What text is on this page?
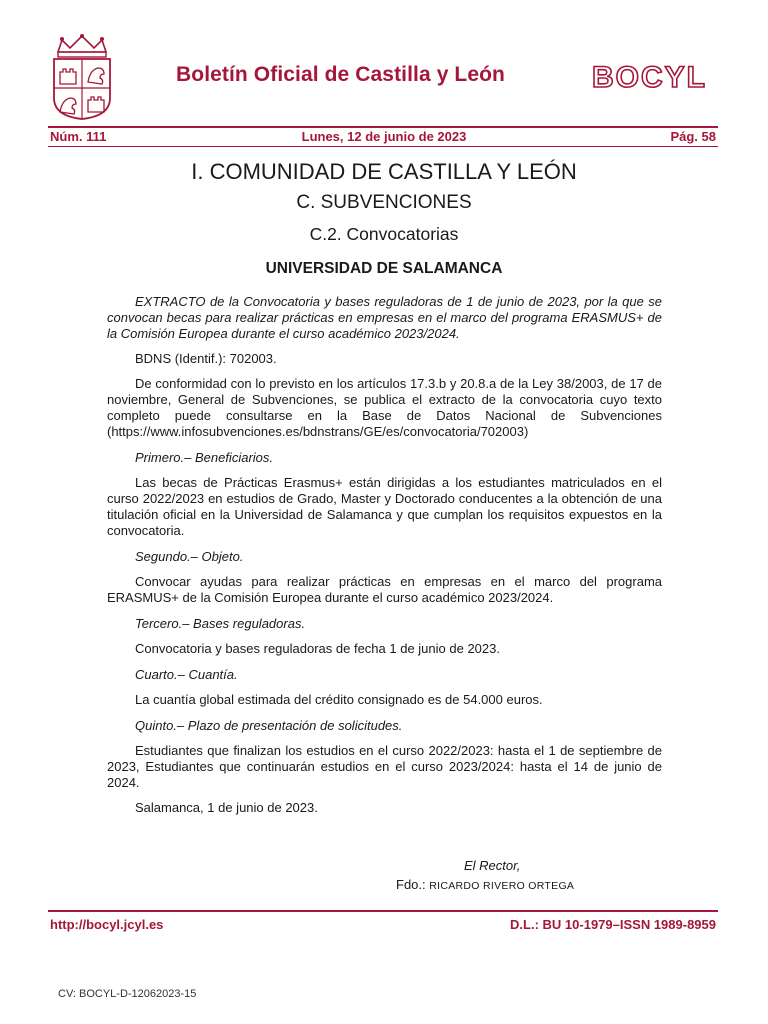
Boletín Oficial de Castilla y León	BOCYL
Núm. 111	Lunes, 12 de junio de 2023	Pág. 58
I. COMUNIDAD DE CASTILLA Y LEÓN
C. SUBVENCIONES
C.2. Convocatorias
UNIVERSIDAD DE SALAMANCA

EXTRACTO de la Convocatoria y bases reguladoras de 1 de junio de 2023, por la que se convocan becas para realizar prácticas en empresas en el marco del programa ERASMUS+ de la Comisión Europea durante el curso académico 2023/2024.

BDNS (Identif.): 702003.

De conformidad con lo previsto en los artículos 17.3.b y 20.8.a de la Ley 38/2003, de 17 de noviembre, General de Subvenciones, se publica el extracto de la convocatoria cuyo texto completo puede consultarse en la Base de Datos Nacional de Subvenciones (https://www.infosubvenciones.es/bdnstrans/GE/es/convocatoria/702003)

Primero.– Beneficiarios.

Las becas de Prácticas Erasmus+ están dirigidas a los estudiantes matriculados en el curso 2022/2023 en estudios de Grado, Master y Doctorado conducentes a la obtención de una titulación oficial en la Universidad de Salamanca y que cumplan los requisitos expuestos en la convocatoria.

Segundo.– Objeto.

Convocar ayudas para realizar prácticas en empresas en el marco del programa ERASMUS+ de la Comisión Europea durante el curso académico 2023/2024.

Tercero.– Bases reguladoras.

Convocatoria y bases reguladoras de fecha 1 de junio de 2023.

Cuarto.– Cuantía.

La cuantía global estimada del crédito consignado es de 54.000 euros.

Quinto.– Plazo de presentación de solicitudes.

Estudiantes que finalizan los estudios en el curso 2022/2023: hasta el 1 de septiembre de 2023, Estudiantes que continuarán estudios en el curso 2023/2024: hasta el 14 de junio de 2024.

Salamanca, 1 de junio de 2023.

El Rector,
Fdo.: RICARDO RIVERO ORTEGA
http://bocyl.jcyl.es	D.L.: BU 10-1979–ISSN 1989-8959
CV: BOCYL-D-12062023-15
